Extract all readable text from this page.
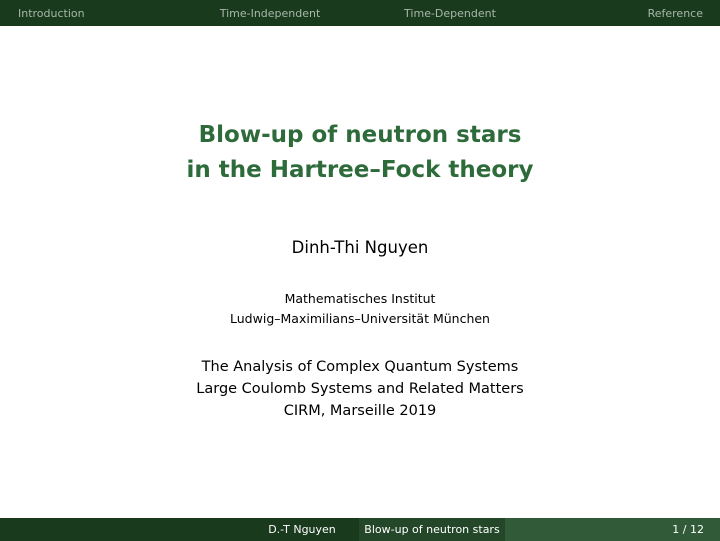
Introduction	Time-Independent	Time-Dependent	Reference
Blow-up of neutron stars
in the Hartree–Fock theory
Dinh-Thi Nguyen
Mathematisches Institut
Ludwig–Maximilians–Universität München
The Analysis of Complex Quantum Systems
Large Coulomb Systems and Related Matters
CIRM, Marseille 2019
D.-T Nguyen	Blow-up of neutron stars	1 / 12
